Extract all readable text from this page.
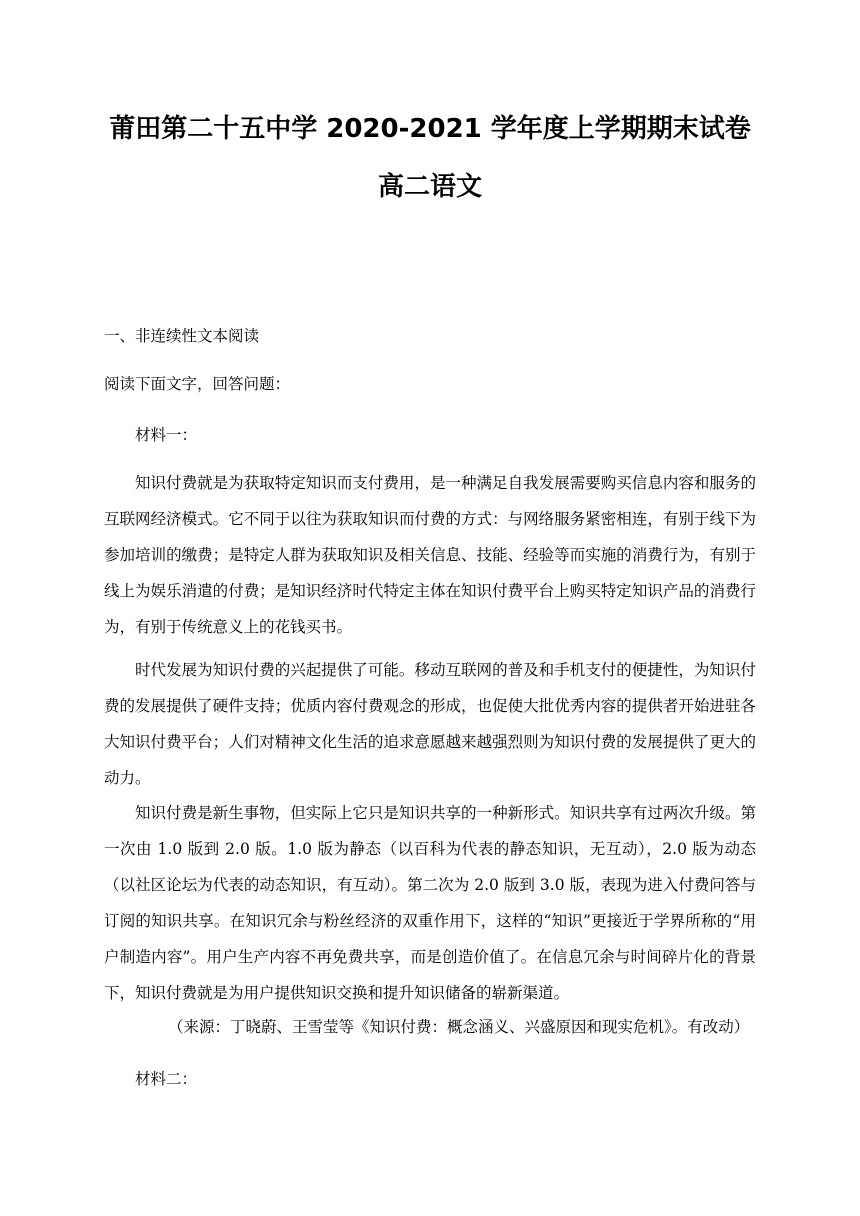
莆田第二十五中学 2020-2021 学年度上学期期末试卷
高二语文
一、非连续性文本阅读
阅读下面文字，回答问题：
材料一：
知识付费就是为获取特定知识而支付费用，是一种满足自我发展需要购买信息内容和服务的互联网经济模式。它不同于以往为获取知识而付费的方式：与网络服务紧密相连，有别于线下为参加培训的缴费；是特定人群为获取知识及相关信息、技能、经验等而实施的消费行为，有别于线上为娱乐消遣的付费；是知识经济时代特定主体在知识付费平台上购买特定知识产品的消费行为，有别于传统意义上的花钱买书。
时代发展为知识付费的兴起提供了可能。移动互联网的普及和手机支付的便捷性，为知识付费的发展提供了硬件支持；优质内容付费观念的形成，也促使大批优秀内容的提供者开始进驻各大知识付费平台；人们对精神文化生活的追求意愿越来越强烈则为知识付费的发展提供了更大的动力。
知识付费是新生事物，但实际上它只是知识共享的一种新形式。知识共享有过两次升级。第一次由 1.0 版到 2.0 版。1.0 版为静态（以百科为代表的静态知识，无互动），2.0 版为动态（以社区论坛为代表的动态知识，有互动）。第二次为 2.0 版到 3.0 版，表现为进入付费问答与订阅的知识共享。在知识冗余与粉丝经济的双重作用下，这样的“知识”更接近于学界所称的“用户制造内容”。用户生产内容不再免费共享，而是创造价值了。在信息冗余与时间碎片化的背景下，知识付费就是为用户提供知识交换和提升知识储备的崭新渠道。
（来源：丁晓蔚、王雪莹等《知识付费：概念涵义、兴盛原因和现实危机》。有改动）
材料二：
